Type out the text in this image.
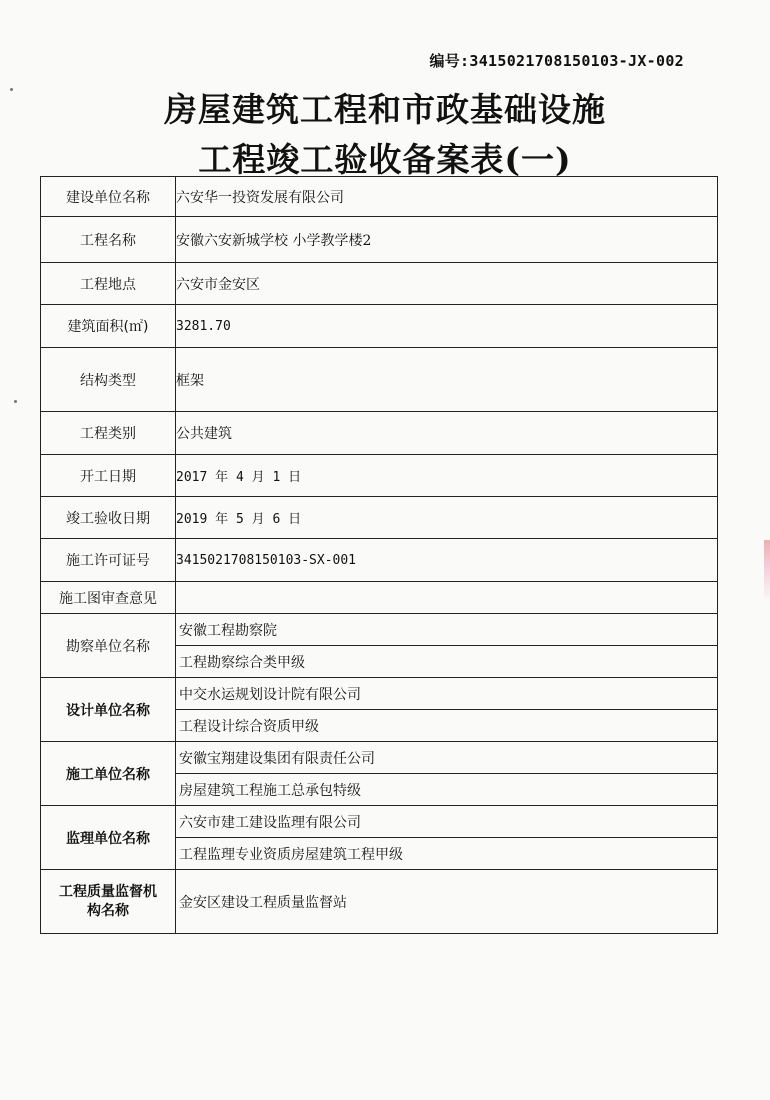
编号:3415021708150103-JX-002
房屋建筑工程和市政基础设施
工程竣工验收备案表(一)
建设单位名称	六安华一投资发展有限公司
工程名称	安徽六安新城学校 小学教学楼2
工程地点	六安市金安区
建筑面积(㎡)	3281.70
结构类型	框架
工程类别	公共建筑
开工日期	2017 年 4 月 1 日
竣工验收日期	2019 年 5 月 6 日
施工许可证号	3415021708150103-SX-001
施工图审查意见	
勘察单位名称	安徽工程勘察院
	工程勘察综合类甲级
设计单位名称	中交水运规划设计院有限公司
	工程设计综合资质甲级
施工单位名称	安徽宝翔建设集团有限责任公司
	房屋建筑工程施工总承包特级
监理单位名称	六安市建工建设监理有限公司
	工程监理专业资质房屋建筑工程甲级

工程质量监督机
构名称	金安区建设工程质量监督站
